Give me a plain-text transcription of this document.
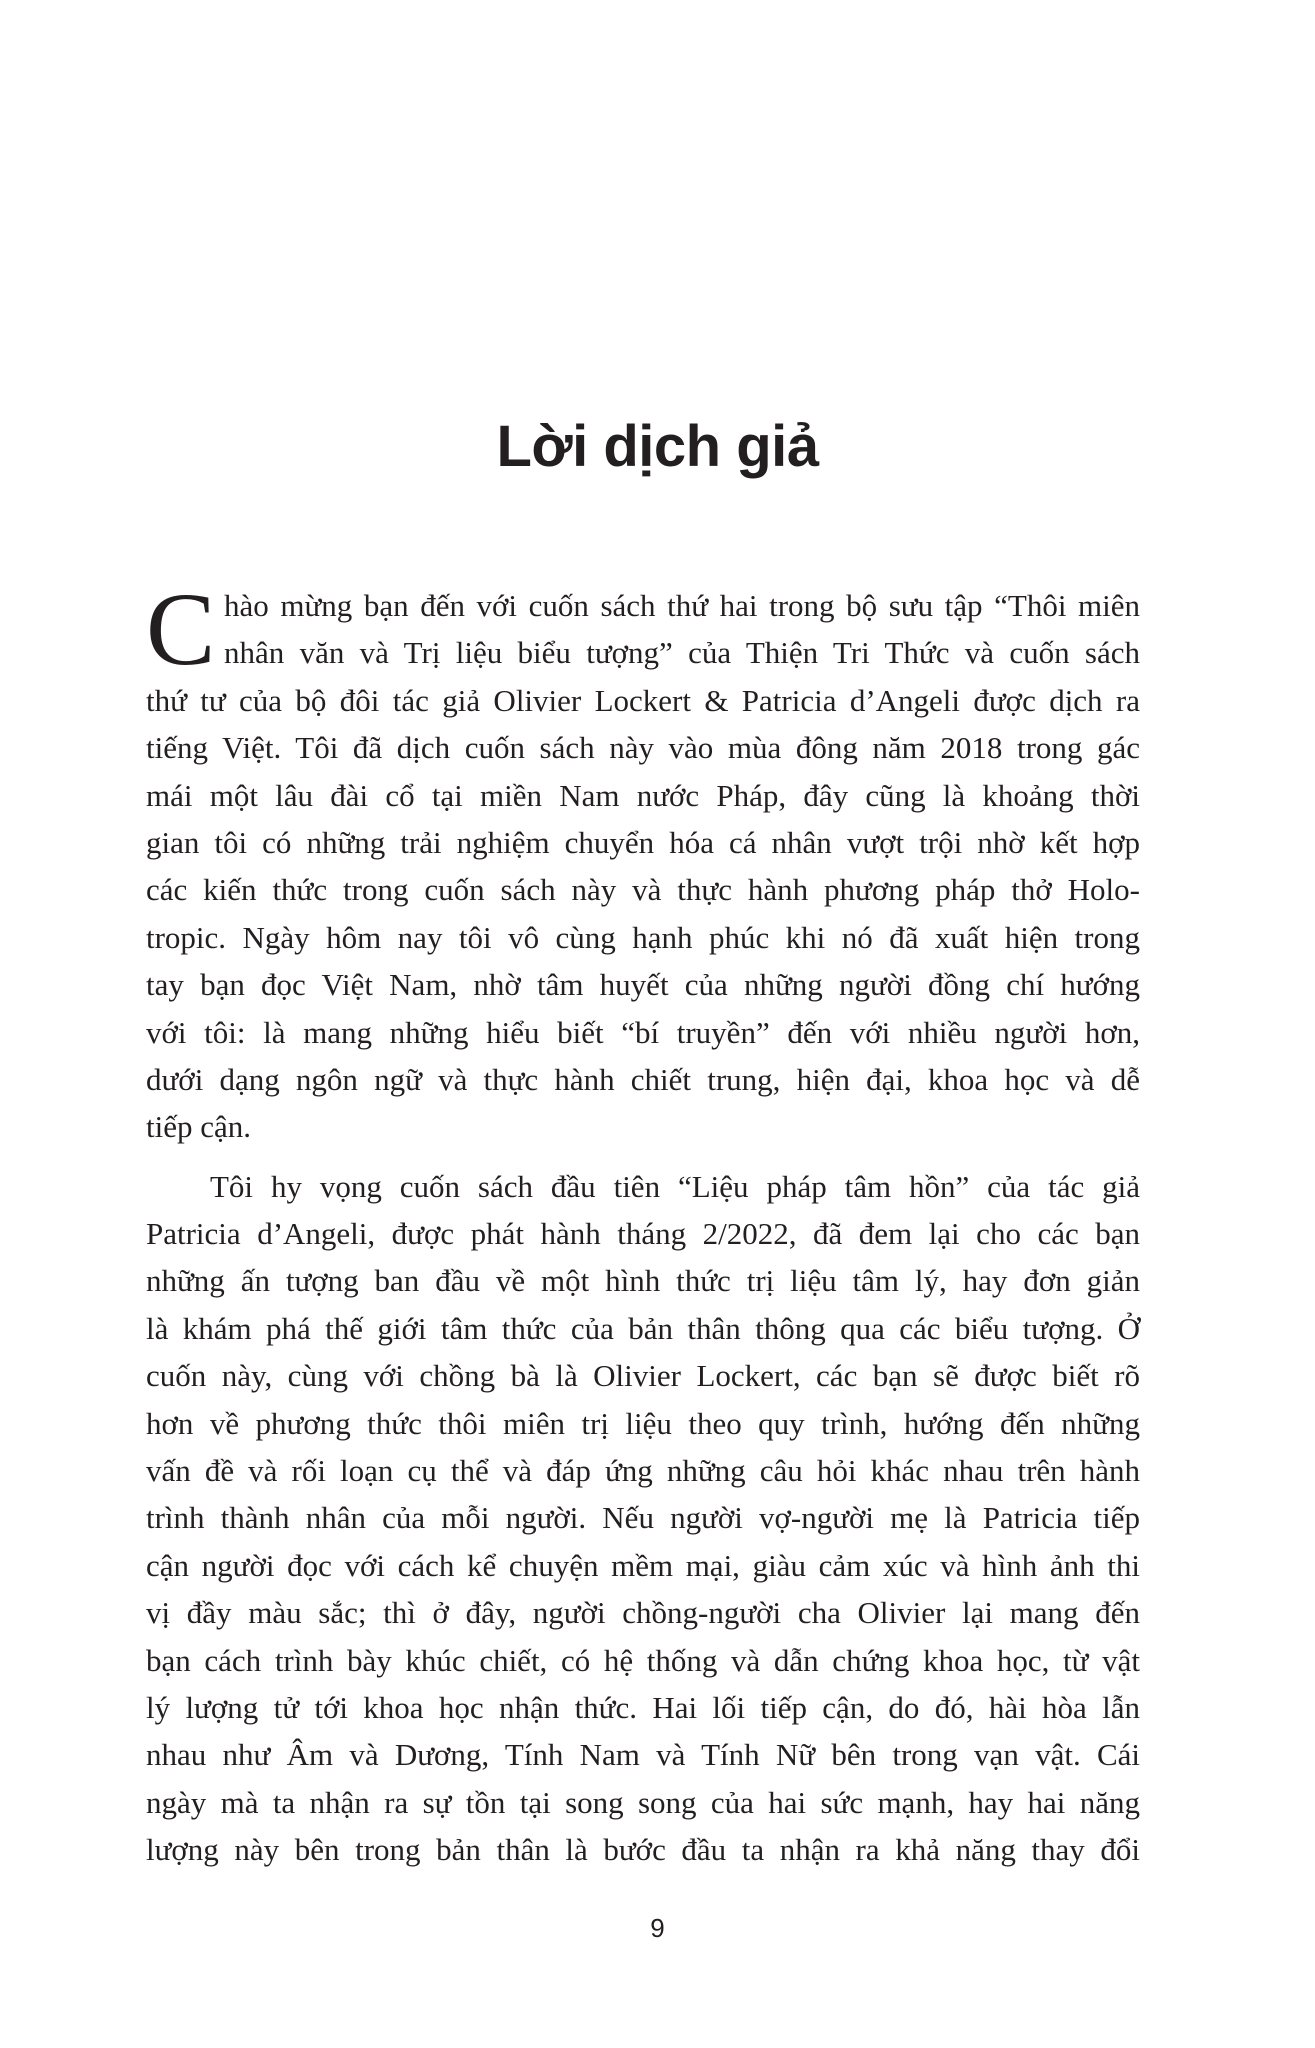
Lời dịch giả
C hào mừng bạn đến với cuốn sách thứ hai trong bộ sưu tập “Thôi miên
nhân văn và Trị liệu biểu tượng” của Thiện Tri Thức và cuốn sách
thứ tư của bộ đôi tác giả Olivier Lockert & Patricia d’Angeli được dịch ra
tiếng Việt. Tôi đã dịch cuốn sách này vào mùa đông năm 2018 trong gác
mái một lâu đài cổ tại miền Nam nước Pháp, đây cũng là khoảng thời
gian tôi có những trải nghiệm chuyển hóa cá nhân vượt trội nhờ kết hợp
các kiến thức trong cuốn sách này và thực hành phương pháp thở Holo-
tropic. Ngày hôm nay tôi vô cùng hạnh phúc khi nó đã xuất hiện trong
tay bạn đọc Việt Nam, nhờ tâm huyết của những người đồng chí hướng
với tôi: là mang những hiểu biết “bí truyền” đến với nhiều người hơn,
dưới dạng ngôn ngữ và thực hành chiết trung, hiện đại, khoa học và dễ
tiếp cận.
Tôi hy vọng cuốn sách đầu tiên “Liệu pháp tâm hồn” của tác giả
Patricia d’Angeli, được phát hành tháng 2/2022, đã đem lại cho các bạn
những ấn tượng ban đầu về một hình thức trị liệu tâm lý, hay đơn giản
là khám phá thế giới tâm thức của bản thân thông qua các biểu tượng. Ở
cuốn này, cùng với chồng bà là Olivier Lockert, các bạn sẽ được biết rõ
hơn về phương thức thôi miên trị liệu theo quy trình, hướng đến những
vấn đề và rối loạn cụ thể và đáp ứng những câu hỏi khác nhau trên hành
trình thành nhân của mỗi người. Nếu người vợ-người mẹ là Patricia tiếp
cận người đọc với cách kể chuyện mềm mại, giàu cảm xúc và hình ảnh thi
vị đầy màu sắc; thì ở đây, người chồng-người cha Olivier lại mang đến
bạn cách trình bày khúc chiết, có hệ thống và dẫn chứng khoa học, từ vật
lý lượng tử tới khoa học nhận thức. Hai lối tiếp cận, do đó, hài hòa lẫn
nhau như Âm và Dương, Tính Nam và Tính Nữ bên trong vạn vật. Cái
ngày mà ta nhận ra sự tồn tại song song của hai sức mạnh, hay hai năng
lượng này bên trong bản thân là bước đầu ta nhận ra khả năng thay đổi
9
